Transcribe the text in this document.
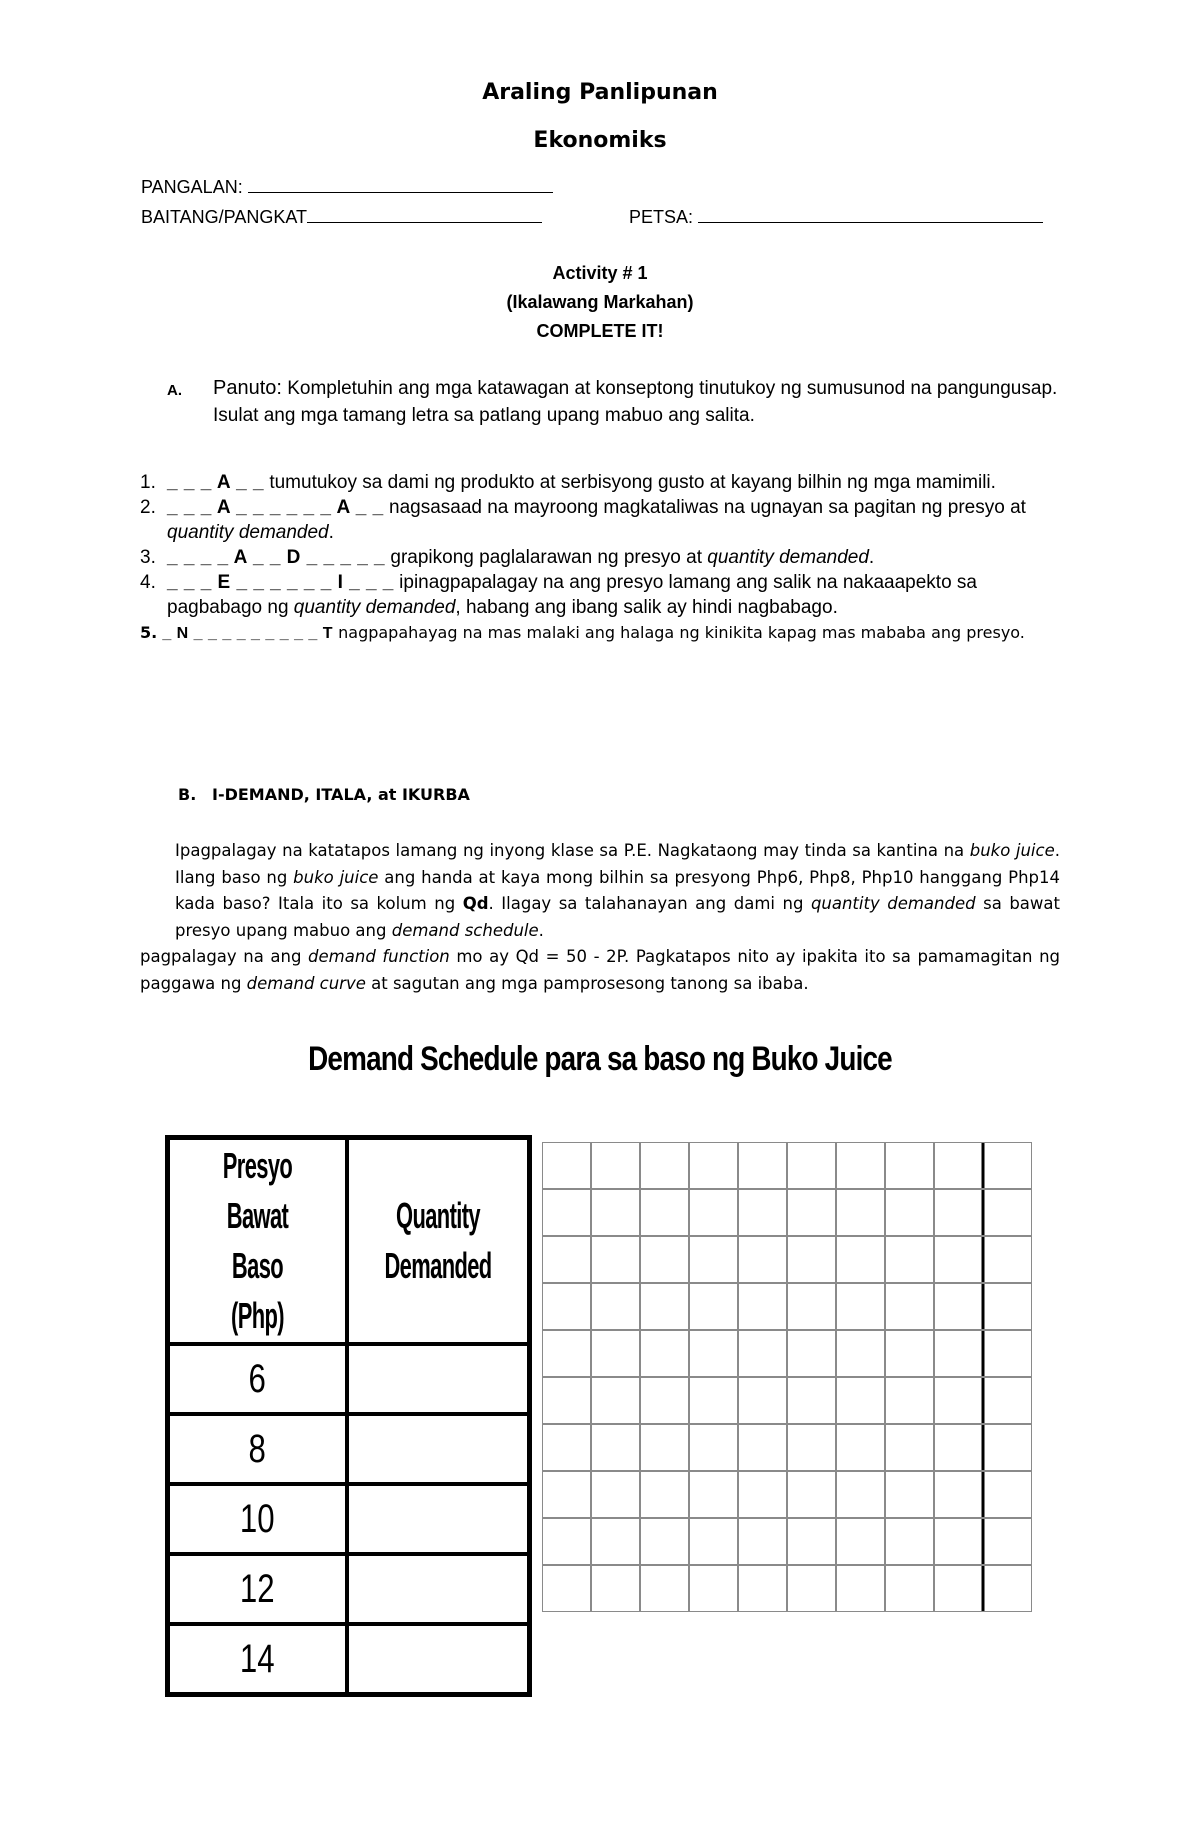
Araling Panlipunan
Ekonomiks
PANGALAN:
BAITANG/PANGKAT	PETSA:
Activity # 1
(Ikalawang Markahan)
COMPLETE IT!
A. Panuto: Kompletuhin ang mga katawagan at konseptong tinutukoy ng sumusunod na pangungusap. Isulat ang mga tamang letra sa patlang upang mabuo ang salita.
1. _ _ _ A _ _ tumutukoy sa dami ng produkto at serbisyong gusto at kayang bilhin ng mga mamimili.
2. _ _ _ A _ _ _ _ _ _ A _ _ nagsasaad na mayroong magkataliwas na ugnayan sa pagitan ng presyo at quantity demanded.
3. _ _ _ _ A _ _ D _ _ _ _ _ grapikong paglalarawan ng presyo at quantity demanded.
4. _ _ _ E _ _ _ _ _ _ I _ _ _ ipinagpapalagay na ang presyo lamang ang salik na nakaaapekto sa pagbabago ng quantity demanded, habang ang ibang salik ay hindi nagbabago.
5. _ N _ _ _ _ _ _ _ _ _ T nagpapahayag na mas malaki ang halaga ng kinikita kapag mas mababa ang presyo.
B. I-DEMAND, ITALA, at IKURBA
Ipagpalagay na katatapos lamang ng inyong klase sa P.E. Nagkataong may tinda sa kantina na buko juice. Ilang baso ng buko juice ang handa at kaya mong bilhin sa presyong Php6, Php8, Php10 hanggang Php14 kada baso? Itala ito sa kolum ng Qd. Ilagay sa talahanayan ang dami ng quantity demanded sa bawat presyo upang mabuo ang demand schedule.
pagpalagay na ang demand function mo ay Qd = 50 - 2P. Pagkatapos nito ay ipakita ito sa pamamagitan ng paggawa ng demand curve at sagutan ang mga pamprosesong tanong sa ibaba.
Demand Schedule para sa baso ng Buko Juice
Presyo Bawat
Baso (Php)	Quantity
Demanded
6	
8	
10	
12	
14	
